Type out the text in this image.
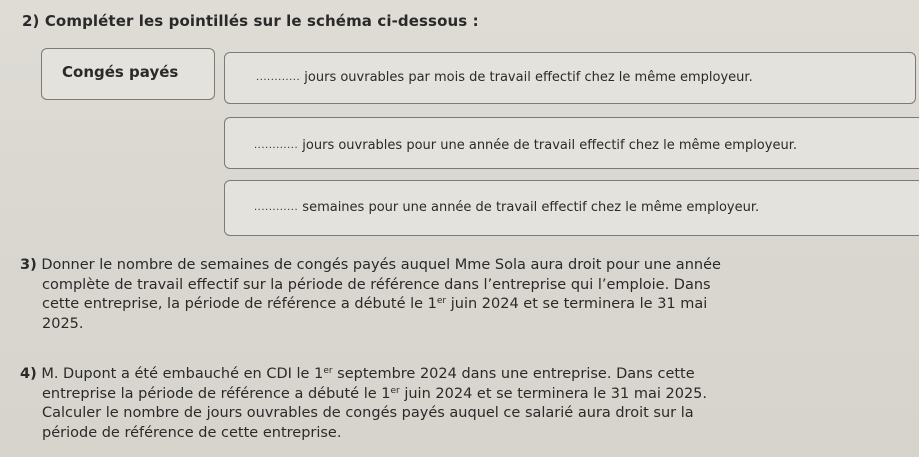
2) Compléter les pointillés sur le schéma ci-dessous :
Congés payés	............ jours ouvrables par mois de travail effectif chez le même employeur.
............ jours ouvrables pour une année de travail effectif chez le même employeur.
............ semaines pour une année de travail effectif chez le même employeur.
3) Donner le nombre de semaines de congés payés auquel Mme Sola aura droit pour une année
complète de travail effectif sur la période de référence dans l’entreprise qui l’emploie. Dans
cette entreprise, la période de référence a débuté le 1er juin 2024 et se terminera le 31 mai
2025.
4) M. Dupont a été embauché en CDI le 1er septembre 2024 dans une entreprise. Dans cette
entreprise la période de référence a débuté le 1er juin 2024 et se terminera le 31 mai 2025.
Calculer le nombre de jours ouvrables de congés payés auquel ce salarié aura droit sur la
période de référence de cette entreprise.
